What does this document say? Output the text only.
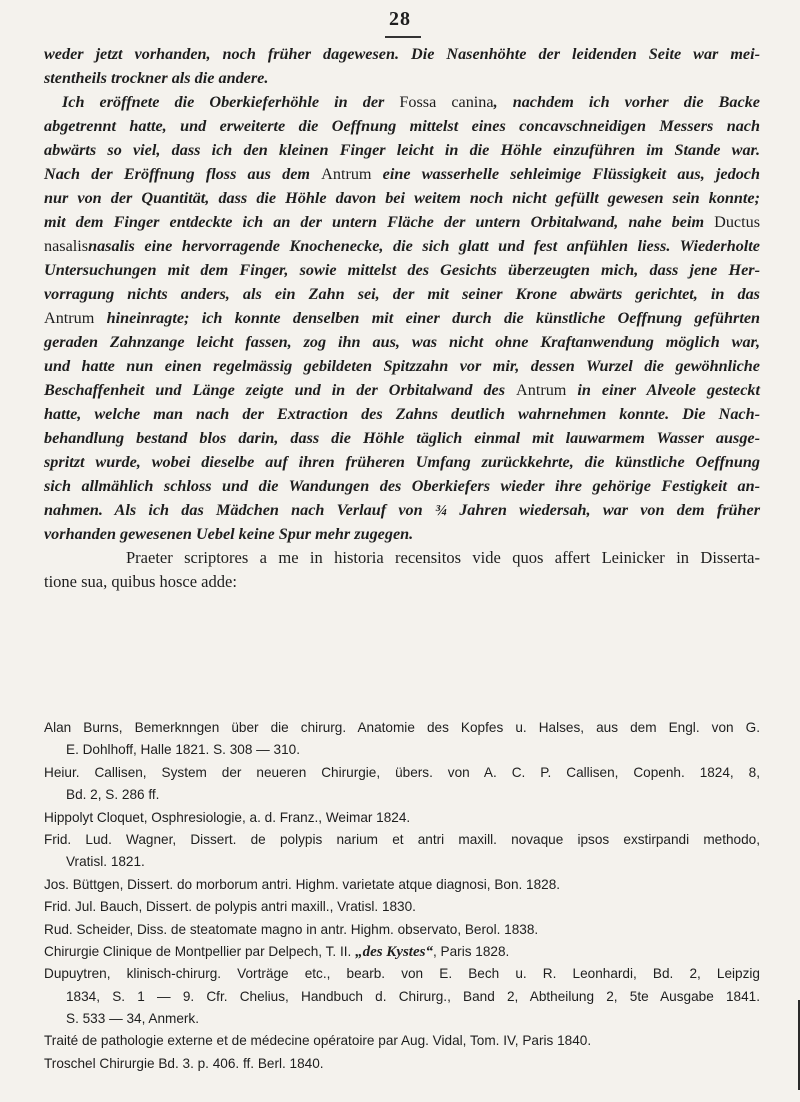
28
weder jetzt vorhanden, noch früher dagewesen. Die Nasenhöhte der leidenden Seite war mei-
stentheils trockner als die andere.
Ich eröffnete die Oberkieferhöhle in der Fossa canina, nachdem ich vorher die Backe
abgetrennt hatte, und erweiterte die Oeffnung mittelst eines concavschneidigen Messers nach
abwärts so viel, dass ich den kleinen Finger leicht in die Höhle einzuführen im Stande war.
Nach der Eröffnung floss aus dem Antrum eine wasserhelle sehleimige Flüssigkeit aus, jedoch
nur von der Quantität, dass die Höhle davon bei weitem noch nicht gefüllt gewesen sein konnte;
mit dem Finger entdeckte ich an der untern Fläche der untern Orbitalwand, nahe beim Ductus
nasalisnasalis eine hervorragende Knochenecke, die sich glatt und fest anfühlen liess. Wiederholte
Untersuchungen mit dem Finger, sowie mittelst des Gesichts überzeugten mich, dass jene Her-
vorragung nichts anders, als ein Zahn sei, der mit seiner Krone abwärts gerichtet, in das
Antrum hineinragte; ich konnte denselben mit einer durch die künstliche Oeffnung geführten
geraden Zahnzange leicht fassen, zog ihn aus, was nicht ohne Kraftanwendung möglich war,
und hatte nun einen regelmässig gebildeten Spitzzahn vor mir, dessen Wurzel die gewöhnliche
Beschaffenheit und Länge zeigte und in der Orbitalwand des Antrum in einer Alveole gesteckt
hatte, welche man nach der Extraction des Zahns deutlich wahrnehmen konnte. Die Nach-
behandlung bestand blos darin, dass die Höhle täglich einmal mit lauwarmem Wasser ausge-
spritzt wurde, wobei dieselbe auf ihren früheren Umfang zurückkehrte, die künstliche Oeffnung
sich allmählich schloss und die Wandungen des Oberkiefers wieder ihre gehörige Festigkeit an-
nahmen. Als ich das Mädchen nach Verlauf von ¾ Jahren wiedersah, war von dem früher
vorhanden gewesenen Uebel keine Spur mehr zugegen.
Praeter scriptores a me in historia recensitos vide quos affert Leinicker in Disserta-
tione sua, quibus hosce adde:
Alan Burns, Bemerknngen über die chirurg. Anatomie des Kopfes u. Halses, aus dem Engl. von G.
E. Dohlhoff, Halle 1821. S. 308 — 310.
Heiur. Callisen, System der neueren Chirurgie, übers. von A. C. P. Callisen, Copenh. 1824, 8,
Bd. 2, S. 286 ff.
Hippolyt Cloquet, Osphresiologie, a. d. Franz., Weimar 1824.
Frid. Lud. Wagner, Dissert. de polypis narium et antri maxill. novaque ipsos exstirpandi methodo,
Vratisl. 1821.
Jos. Büttgen, Dissert. do morborum antri. Highm. varietate atque diagnosi, Bon. 1828.
Frid. Jul. Bauch, Dissert. de polypis antri maxill., Vratisl. 1830.
Rud. Scheider, Diss. de steatomate magno in antr. Highm. observato, Berol. 1838.
Chirurgie Clinique de Montpellier par Delpech, T. II. „des Kystes“, Paris 1828.
Dupuytren, klinisch-chirurg. Vorträge etc., bearb. von E. Bech u. R. Leonhardi, Bd. 2, Leipzig
1834, S. 1 — 9. Cfr. Chelius, Handbuch d. Chirurg., Band 2, Abtheilung 2, 5te Ausgabe 1841.
S. 533 — 34, Anmerk.
Traité de pathologie externe et de médecine opératoire par Aug. Vidal, Tom. IV, Paris 1840.
Troschel Chirurgie Bd. 3. p. 406. ff. Berl. 1840.
